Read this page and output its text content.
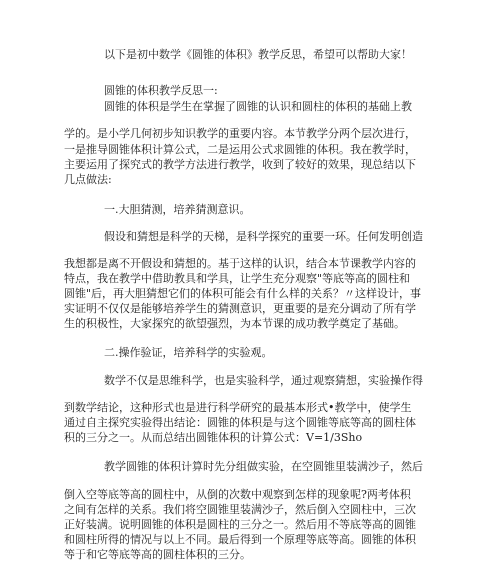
以下是初中数学《圆锥的体积》教学反思，希望可以帮助大家！
圆锥的体积教学反思一:
圆锥的体积是学生在掌握了圆锥的认识和圆柱的体积的基础上教
学的。是小学几何初步知识教学的重要内容。本节教学分两个层次进行，
一是推导圆锥体积计算公式，二是运用公式求圆锥的体积。我在教学时，
主要运用了探究式的教学方法进行教学，收到了较好的效果，现总结以下
几点做法:
一.大胆猜测，培养猜测意识。
假设和猜想是科学的天梯，是科学探究的重要一环。任何发明创造
我想都是离不开假设和猜想的。基于这样的认识，结合本节课教学内容的
特点，我在教学中借助教具和学具，让学生充分观察"等底等高的圆柱和
圆锥"后，再大胆猜想它们的体积可能会有什么样的关系？〃这样设计，事
实证明不仅仅是能够培养学生的猜测意识，更重要的是充分调动了所有学
生的积极性，大家探究的欲望强烈，为本节课的成功教学奠定了基础。
二.操作验证，培养科学的实验观。
数学不仅是思维科学，也是实验科学，通过观察猜想，实验操作得
到数学结论，这种形式也是进行科学研究的最基本形式•教学中，使学生
通过自主探究实验得出结论：圆锥的体积是与这个圆锥等底等高的圆柱体
积的三分之一。从而总结出圆锥体积的计算公式：V=1/3Sho
教学圆锥的体积计算时先分组做实验，在空圆锥里装满沙子，然后
倒入空等底等高的圆柱中，从倒的次数中观察到怎样的现象呢?两考体积
之间有怎样的关系。我们将空圆锥里装满沙子，然后倒入空圆柱中，三次
正好装满。说明圆锥的体积是圆柱的三分之一。然后用不等底等高的圆锥
和圆柱所得的情况与以上不同。最后得到一个原理等底等高。圆锥的体积
等于和它等底等高的圆柱体积的三分。
